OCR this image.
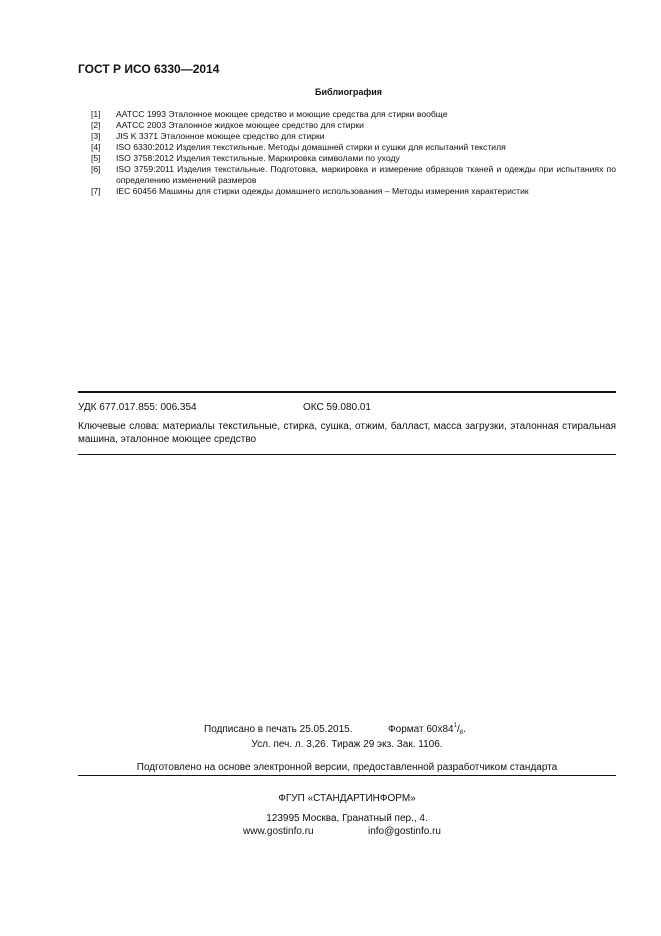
ГОСТ Р ИСО 6330—2014
Библиография
[1]	AATCC 1993 Эталонное моющее средство и моющие средства для стирки вообще
[2]	AATCC 2003 Эталонное жидкое моющее средство для стирки
[3]	JIS K 3371 Эталонное моющее средство для стирки
[4]	ISO 6330:2012 Изделия текстильные. Методы домашней стирки и сушки для испытаний текстиля
[5]	ISO 3758:2012 Изделия текстильные. Маркировка символами по уходу
[6]	ISO 3759:2011 Изделия текстильные. Подготовка, маркировка и измерение образцов тканей и одежды при испытаниях по определению изменений размеров
[7]	IEC 60456 Машины для стирки одежды домашнего использования – Методы измерения характеристик
УДК 677.017.855: 006.354	ОКС 59.080.01
Ключевые слова: материалы текстильные, стирка, сушка, отжим, балласт, масса загрузки, эталонная стиральная машина, эталонное моющее средство
Подписано в печать 25.05.2015.	Формат $60x84^1/_8$.
Усл. печ. л. 3,26. Тираж 29 экз. Зак. 1106.
Подготовлено на основе электронной версии, предоставленной разработчиком стандарта
ФГУП «СТАНДАРТИНФОРМ»
123995 Москва, Гранатный пер., 4.
www.gostinfo.ru	info@gostinfo.ru
